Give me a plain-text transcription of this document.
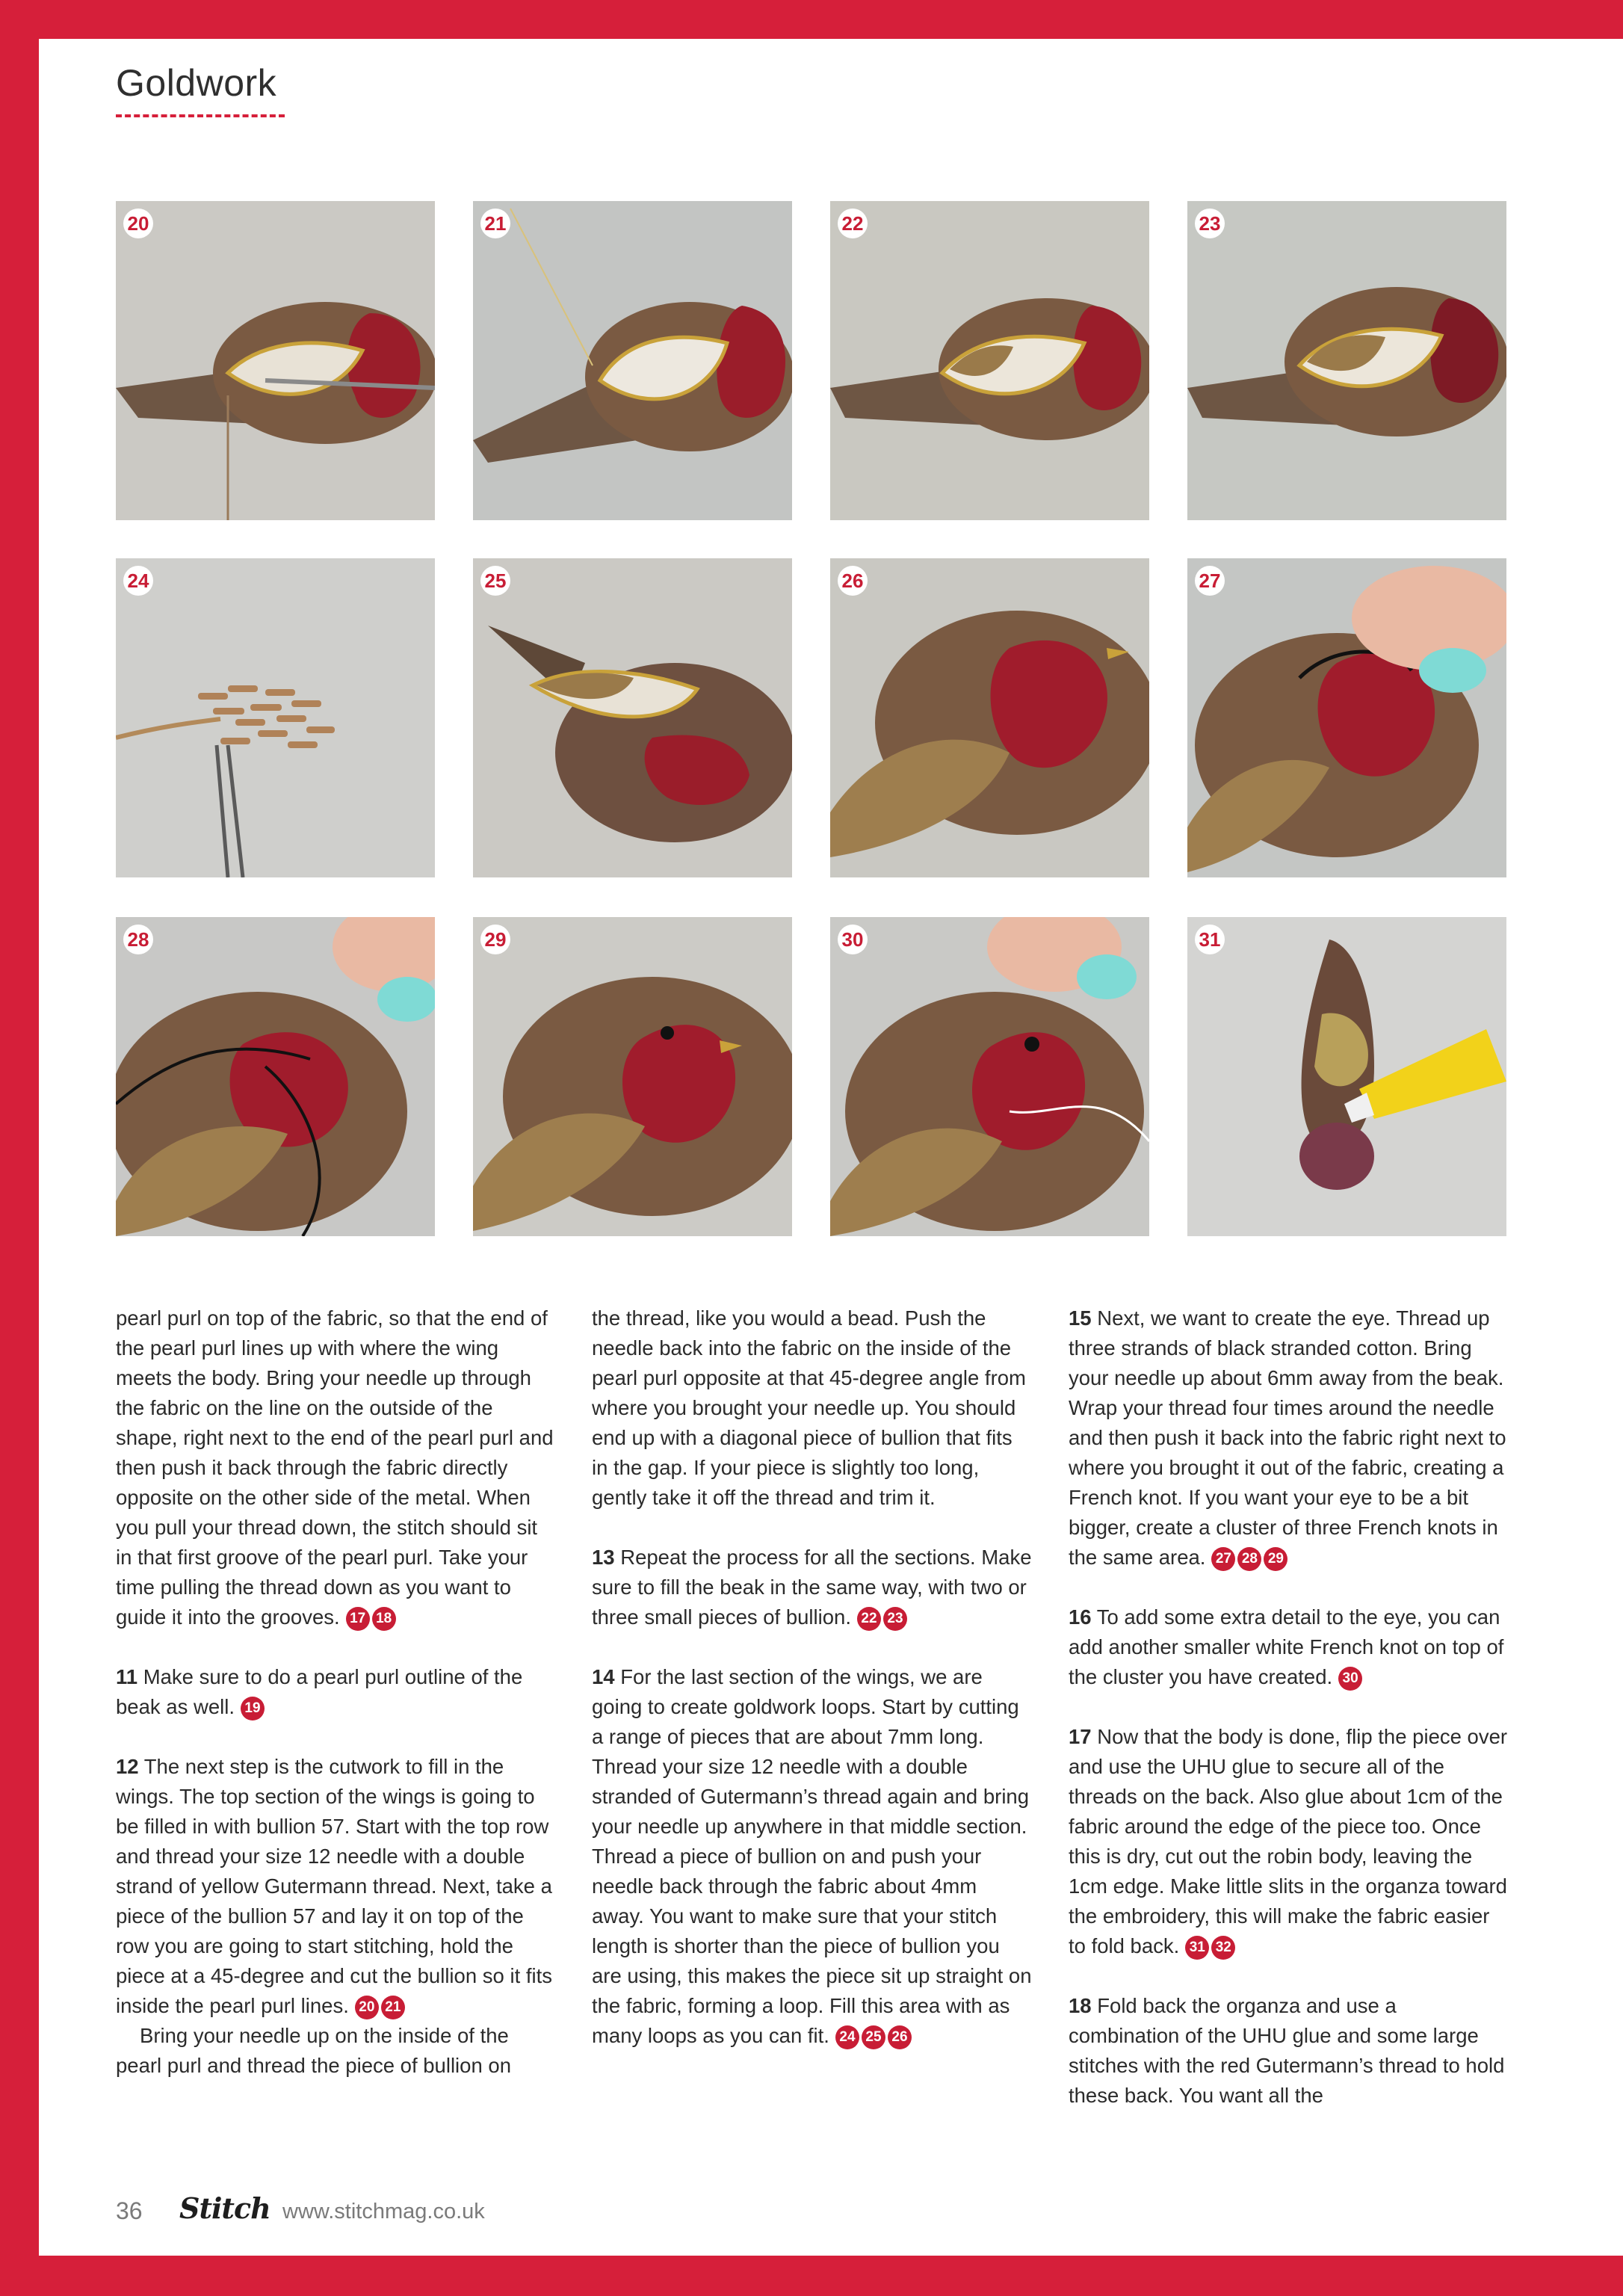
Goldwork
20	21	22	23
24	25	26	27
28	29	30	31

pearl purl on top of the fabric, so that the end of the pearl purl lines up with where the wing meets the body. Bring your needle up through the fabric on the line on the outside of the shape, right next to the end of the pearl purl and then push it back through the fabric directly opposite on the other side of the metal. When you pull your thread down, the stitch should sit in that first groove of the pearl purl. Take your time pulling the thread down as you want to guide it into the grooves. 17 18

11 Make sure to do a pearl purl outline of the beak as well. 19

12 The next step is the cutwork to fill in the wings. The top section of the wings is going to be filled in with bullion 57. Start with the top row and thread your size 12 needle with a double strand of yellow Gutermann thread. Next, take a piece of the bullion 57 and lay it on top of the row you are going to start stitching, hold the piece at a 45-degree and cut the bullion so it fits inside the pearl purl lines. 20 21

Bring your needle up on the inside of the pearl purl and thread the piece of bullion on

the thread, like you would a bead. Push the needle back into the fabric on the inside of the pearl purl opposite at that 45-degree angle from where you brought your needle up. You should end up with a diagonal piece of bullion that fits in the gap. If your piece is slightly too long, gently take it off the thread and trim it.

13 Repeat the process for all the sections. Make sure to fill the beak in the same way, with two or three small pieces of bullion. 22 23

14 For the last section of the wings, we are going to create goldwork loops. Start by cutting a range of pieces that are about 7mm long. Thread your size 12 needle with a double stranded of Gutermann’s thread again and bring your needle up anywhere in that middle section. Thread a piece of bullion on and push your needle back through the fabric about 4mm away. You want to make sure that your stitch length is shorter than the piece of bullion you are using, this makes the piece sit up straight on the fabric, forming a loop. Fill this area with as many loops as you can fit. 24 25 26

15 Next, we want to create the eye. Thread up three strands of black stranded cotton. Bring your needle up about 6mm away from the beak. Wrap your thread four times around the needle and then push it back into the fabric right next to where you brought it out of the fabric, creating a French knot. If you want your eye to be a bit bigger, create a cluster of three French knots in the same area. 27 28 29

16 To add some extra detail to the eye, you can add another smaller white French knot on top of the cluster you have created. 30

17 Now that the body is done, flip the piece over and use the UHU glue to secure all of the threads on the back. Also glue about 1cm of the fabric around the edge of the piece too. Once this is dry, cut out the robin body, leaving the 1cm edge. Make little slits in the organza toward the embroidery, this will make the fabric easier to fold back. 31 32

18 Fold back the organza and use a combination of the UHU glue and some large stitches with the red Gutermann’s thread to hold these back. You want all the

36 Stitch www.stitchmag.co.uk
